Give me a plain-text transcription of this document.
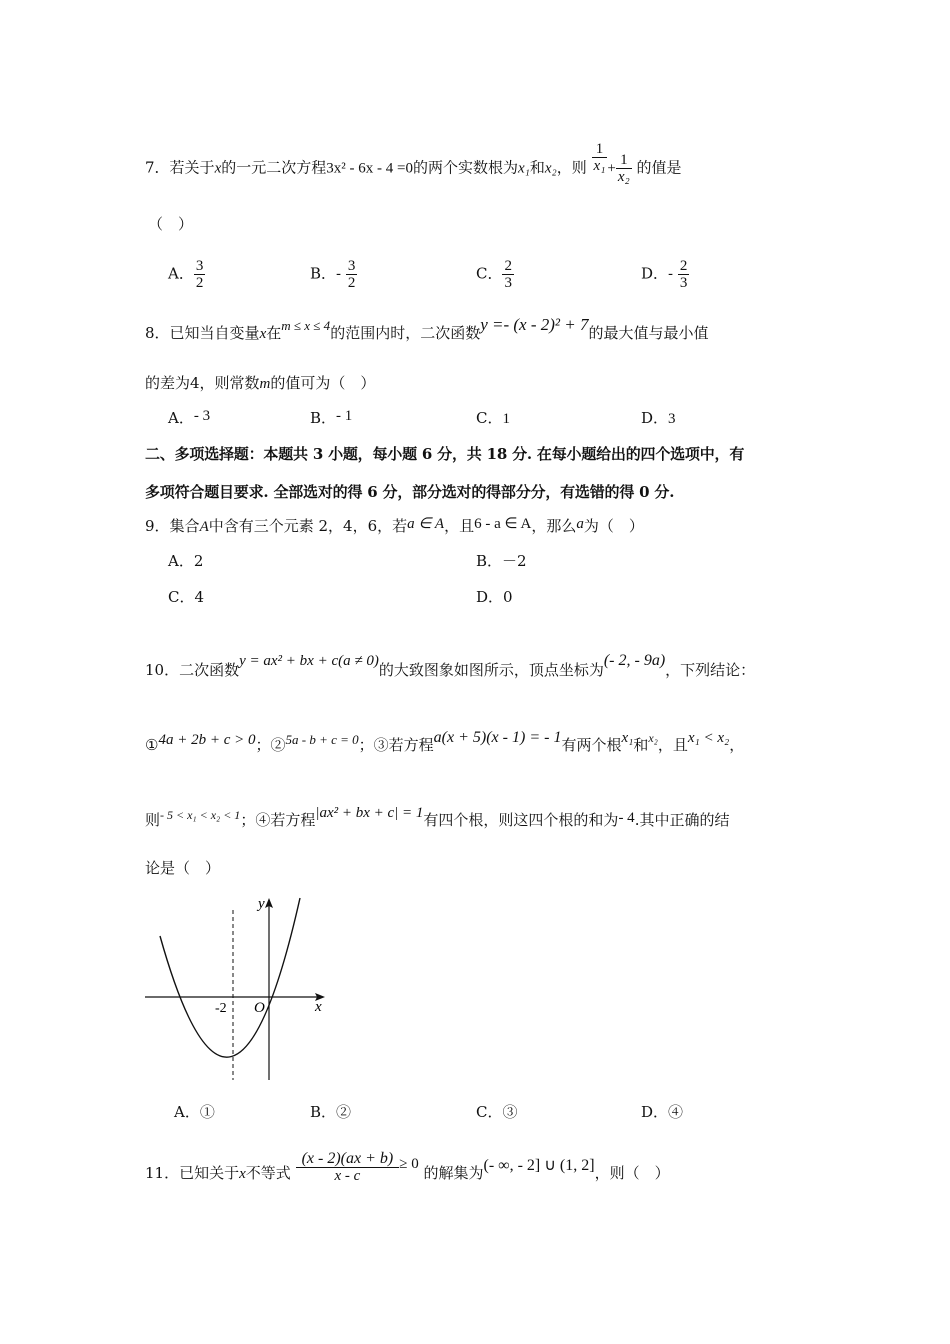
7．若关于x的一元二次方程3x² - 6x - 4 =0的两个实数根为x₁和x₂，则 $\frac{1}{\text{x₁}} + \frac{1}{\text{x₂}}$ 的值是
（　）
A． $\frac{3}{2}$	B．- $\frac{3}{2}$	C． $\frac{2}{3}$	D．- $\frac{2}{3}$
8．已知当自变量x在m ≤ x ≤ 4的范围内时，二次函数y =- (x - 2)² + 7的最大值与最小值
的差为4，则常数m的值可为（　）
A．- 3	B．- 1	C．1	D．3
二、多项选择题：本题共 3 小题，每小题 6 分，共 18 分. 在每小题给出的四个选项中，有
多项符合题目要求. 全部选对的得 6 分，部分选对的得部分分，有选错的得 0 分.
9．集合A中含有三个元素 2，4，6，若a ∈ A，且6 - a ∈ A，那么a为（　）
A．2	B．－2
C．4	D．0
10．二次函数y = ax² + bx + c(a ≠ 0)的大致图象如图所示，顶点坐标为(- 2, - 9a)，下列结论：
①4a + 2b + c > 0；②5a - b + c = 0；③若方程a(x + 5)(x - 1) = - 1有两个根x₁和$^{x_2}$，且x₁ < x₂，
则$^{- 5 < x_1 < x_2 < 1}$；④若方程|ax² + bx + c| = 1有四个根，则这四个根的和为- 4.其中正确的结
论是（　）
y
x
O
-2
A．①	B．②	C．③	D．④
11．已知关于x不等式 $\frac{(x - 2)(ax + b)}{x - c} \ge 0$ 的解集为(- ∞, - 2] ∪ (1, 2]，则（　）
